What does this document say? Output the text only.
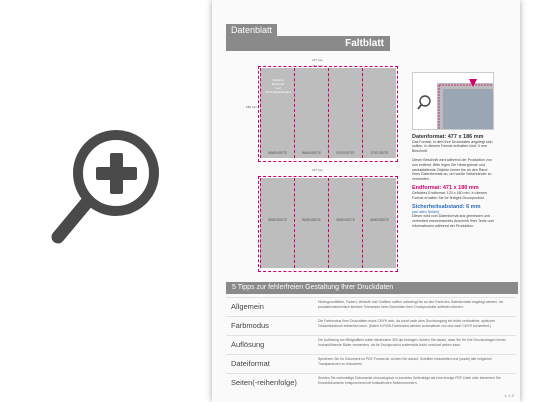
Datenblatt
Faltblatt
477 mm
471 mm
186 mm
INNENSEITE	INNENSEITE	RÜCKSEITE	TITELSEITE
Falzlinie
Beschnitt
und
Sicherheitsabstand
477 mm
INNENSEITE	INNENSEITE	INNENSEITE	INNENSEITE
Datenformat: 477 x 186 mm
Das Format, in dem Ihre Druckdaten angelegt sein sollten. In diesem Format enthalten sind: 3 mm Beschnitt.
Dieser Beschnitt wird während der Produktion von uns entfernt. Bitte legen Sie Hintergründe und randabfallende Objekte immer bis an den Rand Ihres Datenformats an, um weiße Seitenränder zu vermeiden.
Endformat: 471 x 180 mm
Gefalztes Endformat: 120 x 180 mm. In diesem Format erhalten Sie Ihr fertiges Druckprodukt.
Sicherheitsabstand: 6 mm
(auf allen Seiten)
Dieser wird vom Datenformat aus gemessen und verhindert unerwünschtes Anschnitt Ihrer Texte und Informationen während der Produktion.
5 Tipps zur fehlerfreien Gestaltung Ihrer Druckdaten
Allgemein	Hintergrundbilder, Farben, Verläufe und Grafiken sollten unbedingt bis an den Rand des Datenformats angelegt werden, da produktionstechnisch kleinere Toleranzen beim Schneiden Ihrer Druckprodukte auftreten können.
Farbmodus	Die Farbmodus Ihrer Druckdaten muss CMYK sein, da sonst nach dem Druckvorgang ein leicht veränderter, optischer Gesamteindruck entstehen kann. (Daten in RGB-Farbmodus werden automatisch von uns nach CMYK konvertiert.)
Auflösung	Die Auflösung von Bildgrafiken sollte mindestens 300 dpi betragen. Achten Sie darauf, dass Sie für Ihre Druckvorlagen immer hochauflösende Bilder verwenden, da Ihr Druckprodukt andernfalls leicht unscharf wirken kann.
Dateiformat	Speichern Sie Ihr Dokument im PDF-Format ab. Achten Sie darauf, Schriften einzubetten und (sowie) alle möglichst Transparenzen zu reduzieren.
Seiten(-reihenfolge)	Senden Sie mehrseitige Dokumente chronologisch in korrekter Seitenfolge als eine einzige PDF-Datei oder benennen Sie Einzeldokumente entsprechend mit fortlaufenden Seitennummern.
v. 1.0
